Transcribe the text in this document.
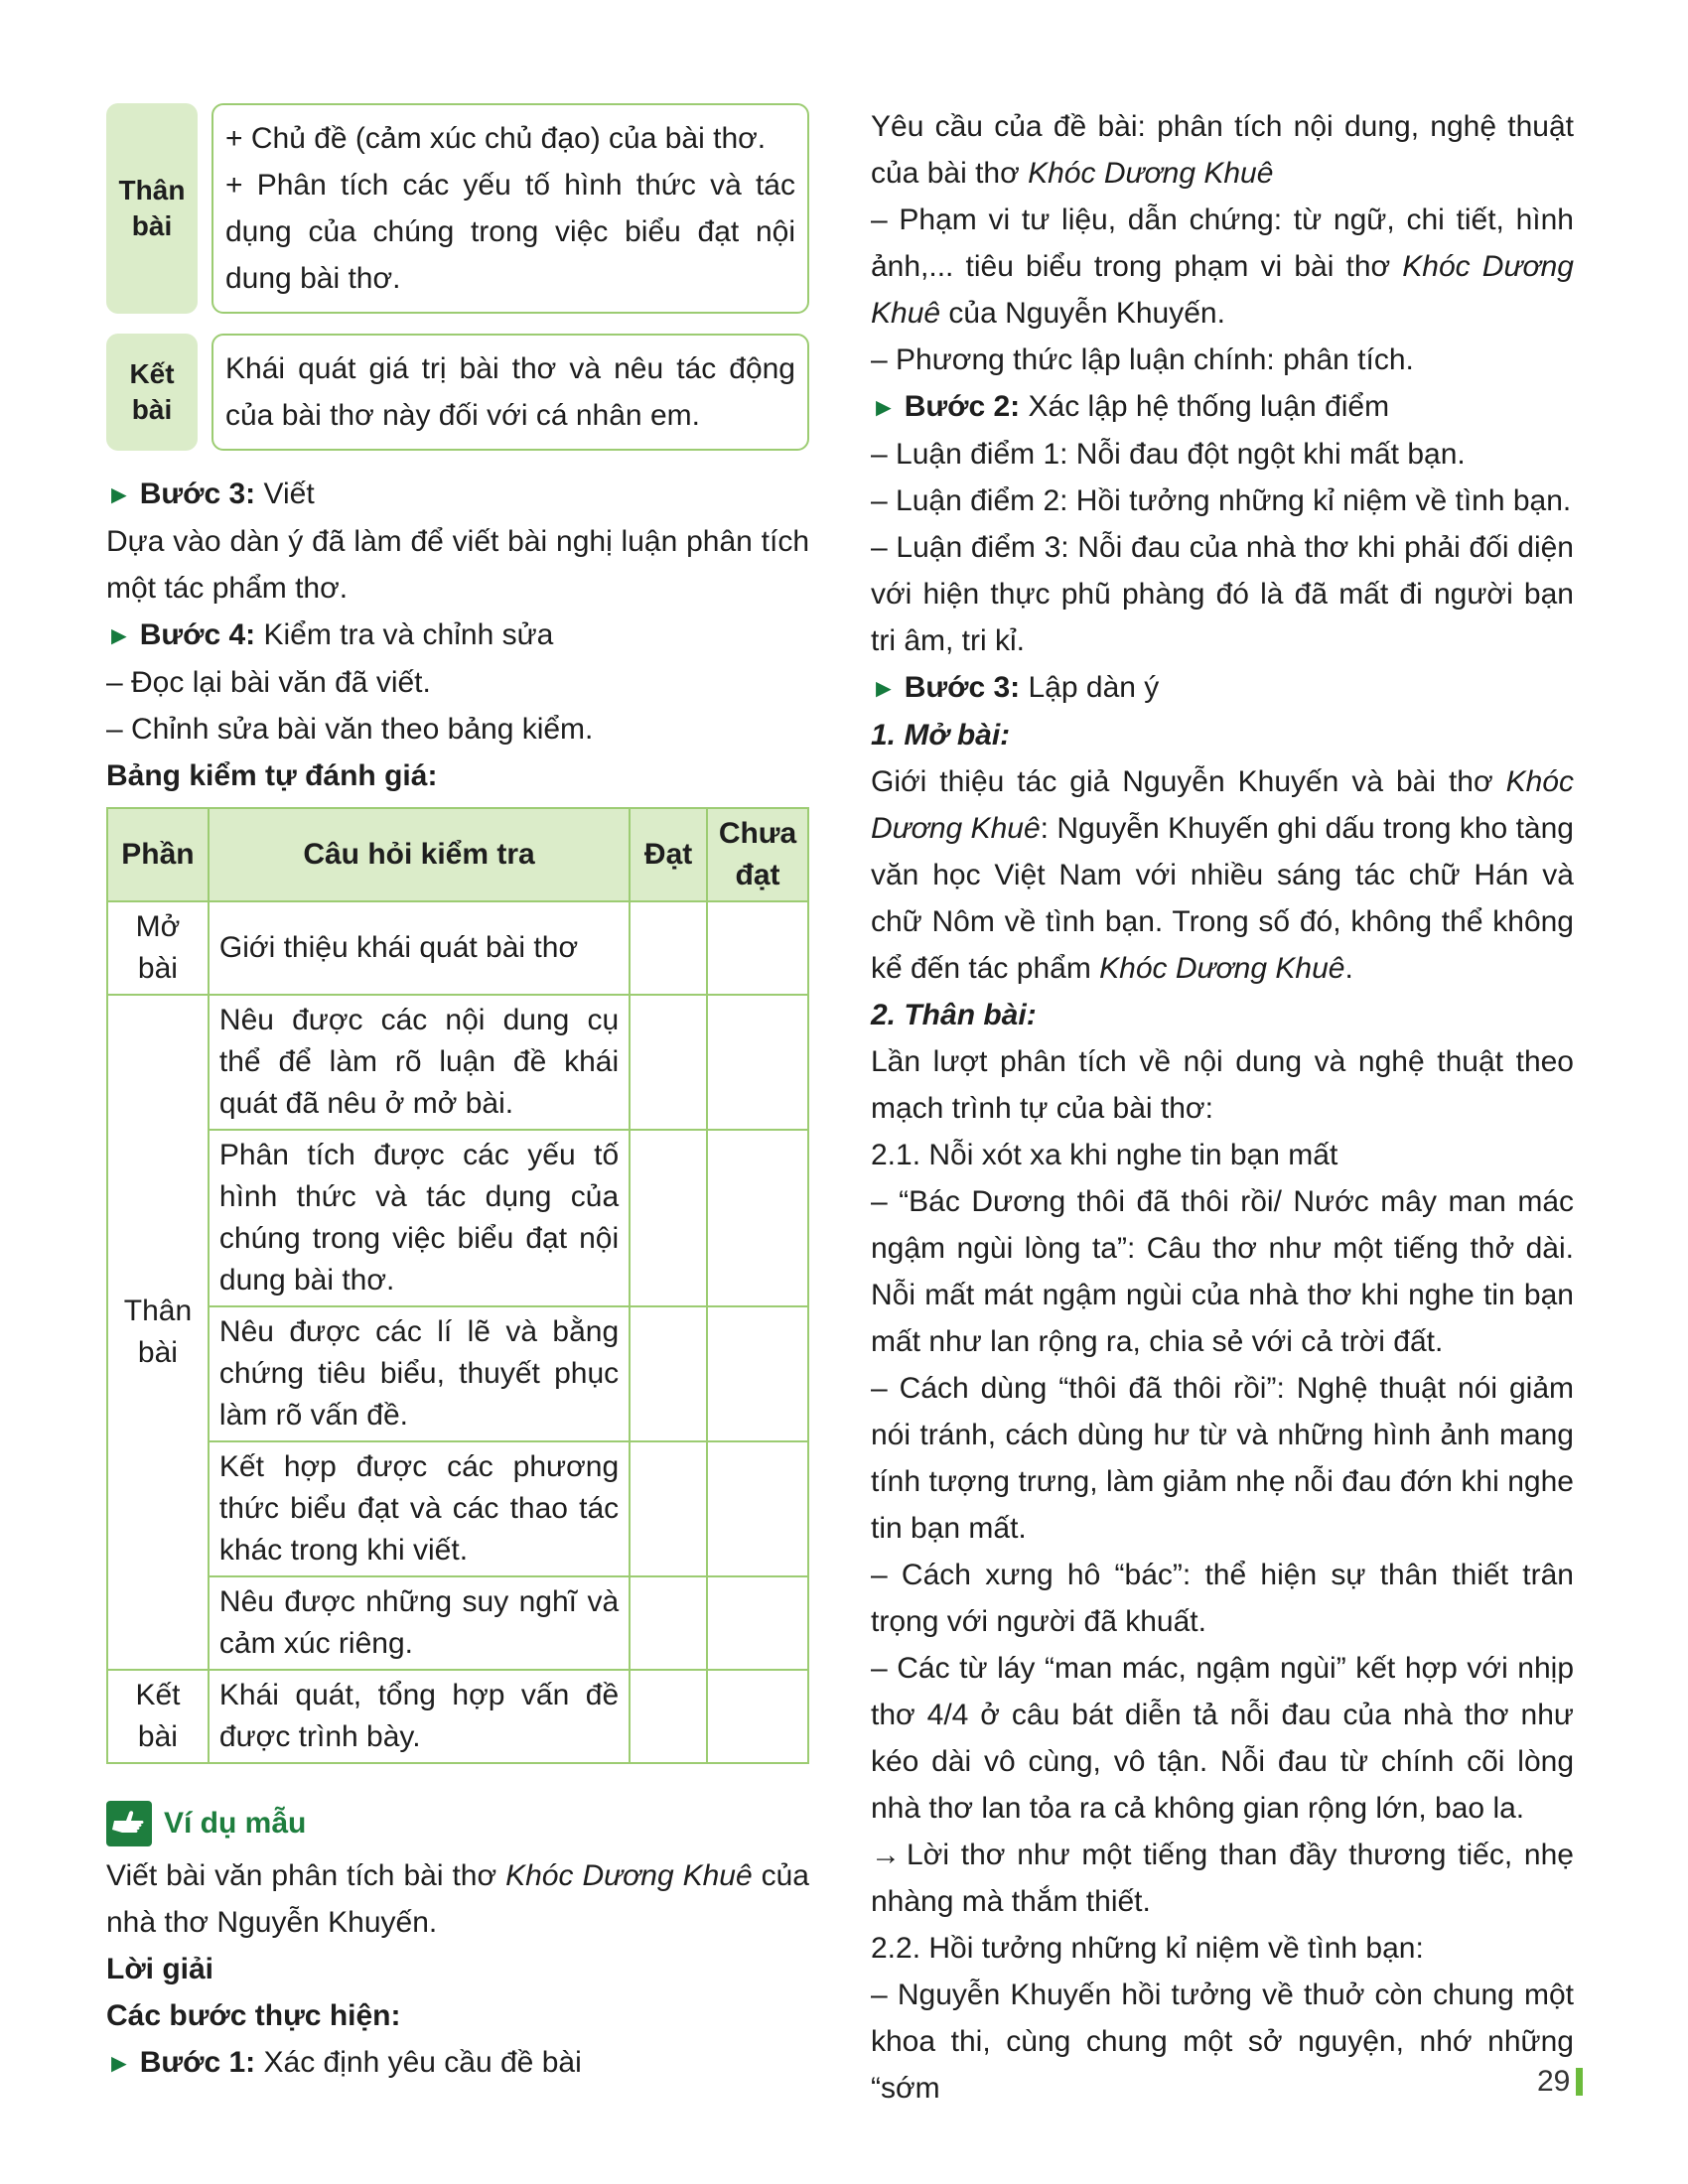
Thân bài
+ Chủ đề (cảm xúc chủ đạo) của bài thơ.
+ Phân tích các yếu tố hình thức và tác dụng của chúng trong việc biểu đạt nội dung bài thơ.
Kết bài
Khái quát giá trị bài thơ và nêu tác động của bài thơ này đối với cá nhân em.

► Bước 3: Viết

Dựa vào dàn ý đã làm để viết bài nghị luận phân tích một tác phẩm thơ.

► Bước 4: Kiểm tra và chỉnh sửa

– Đọc lại bài văn đã viết.

– Chỉnh sửa bài văn theo bảng kiểm.

Bảng kiểm tự đánh giá:

Phần	Câu hỏi kiểm tra	Đạt	Chưa đạt
Mở bài	Giới thiệu khái quát bài thơ		
Thân bài	Nêu được các nội dung cụ thể để làm rõ luận đề khái quát đã nêu ở mở bài.		
	Phân tích được các yếu tố hình thức và tác dụng của chúng trong việc biểu đạt nội dung bài thơ.		
	Nêu được các lí lẽ và bằng chứng tiêu biểu, thuyết phục làm rõ vấn đề.		
	Kết hợp được các phương thức biểu đạt và các thao tác khác trong khi viết.		
	Nêu được những suy nghĩ và cảm xúc riêng.		
Kết bài	Khái quát, tổng hợp vấn đề được trình bày.		
Ví dụ mẫu

Viết bài văn phân tích bài thơ Khóc Dương Khuê của nhà thơ Nguyễn Khuyến.

Lời giải

Các bước thực hiện:

► Bước 1: Xác định yêu cầu đề bài

Yêu cầu của đề bài: phân tích nội dung, nghệ thuật của bài thơ Khóc Dương Khuê

– Phạm vi tư liệu, dẫn chứng: từ ngữ, chi tiết, hình ảnh,... tiêu biểu trong phạm vi bài thơ Khóc Dương Khuê của Nguyễn Khuyến.

– Phương thức lập luận chính: phân tích.

► Bước 2: Xác lập hệ thống luận điểm

– Luận điểm 1: Nỗi đau đột ngột khi mất bạn.

– Luận điểm 2: Hồi tưởng những kỉ niệm về tình bạn.

– Luận điểm 3: Nỗi đau của nhà thơ khi phải đối diện với hiện thực phũ phàng đó là đã mất đi người bạn tri âm, tri kỉ.

► Bước 3: Lập dàn ý

1. Mở bài:

Giới thiệu tác giả Nguyễn Khuyến và bài thơ Khóc Dương Khuê: Nguyễn Khuyến ghi dấu trong kho tàng văn học Việt Nam với nhiều sáng tác chữ Hán và chữ Nôm về tình bạn. Trong số đó, không thể không kể đến tác phẩm Khóc Dương Khuê.

2. Thân bài:

Lần lượt phân tích về nội dung và nghệ thuật theo mạch trình tự của bài thơ:

2.1. Nỗi xót xa khi nghe tin bạn mất

– “Bác Dương thôi đã thôi rồi/ Nước mây man mác ngậm ngùi lòng ta”: Câu thơ như một tiếng thở dài. Nỗi mất mát ngậm ngùi của nhà thơ khi nghe tin bạn mất như lan rộng ra, chia sẻ với cả trời đất.

– Cách dùng “thôi đã thôi rồi”: Nghệ thuật nói giảm nói tránh, cách dùng hư từ và những hình ảnh mang tính tượng trưng, làm giảm nhẹ nỗi đau đớn khi nghe tin bạn mất.

– Cách xưng hô “bác”: thể hiện sự thân thiết trân trọng với người đã khuất.

– Các từ láy “man mác, ngậm ngùi” kết hợp với nhịp thơ 4/4 ở câu bát diễn tả nỗi đau của nhà thơ như kéo dài vô cùng, vô tận. Nỗi đau từ chính cõi lòng nhà thơ lan tỏa ra cả không gian rộng lớn, bao la.

→ Lời thơ như một tiếng than đầy thương tiếc, nhẹ nhàng mà thắm thiết.

2.2. Hồi tưởng những kỉ niệm về tình bạn:

– Nguyễn Khuyến hồi tưởng về thuở còn chung một khoa thi, cùng chung một sở nguyện, nhớ những “sớm	29
